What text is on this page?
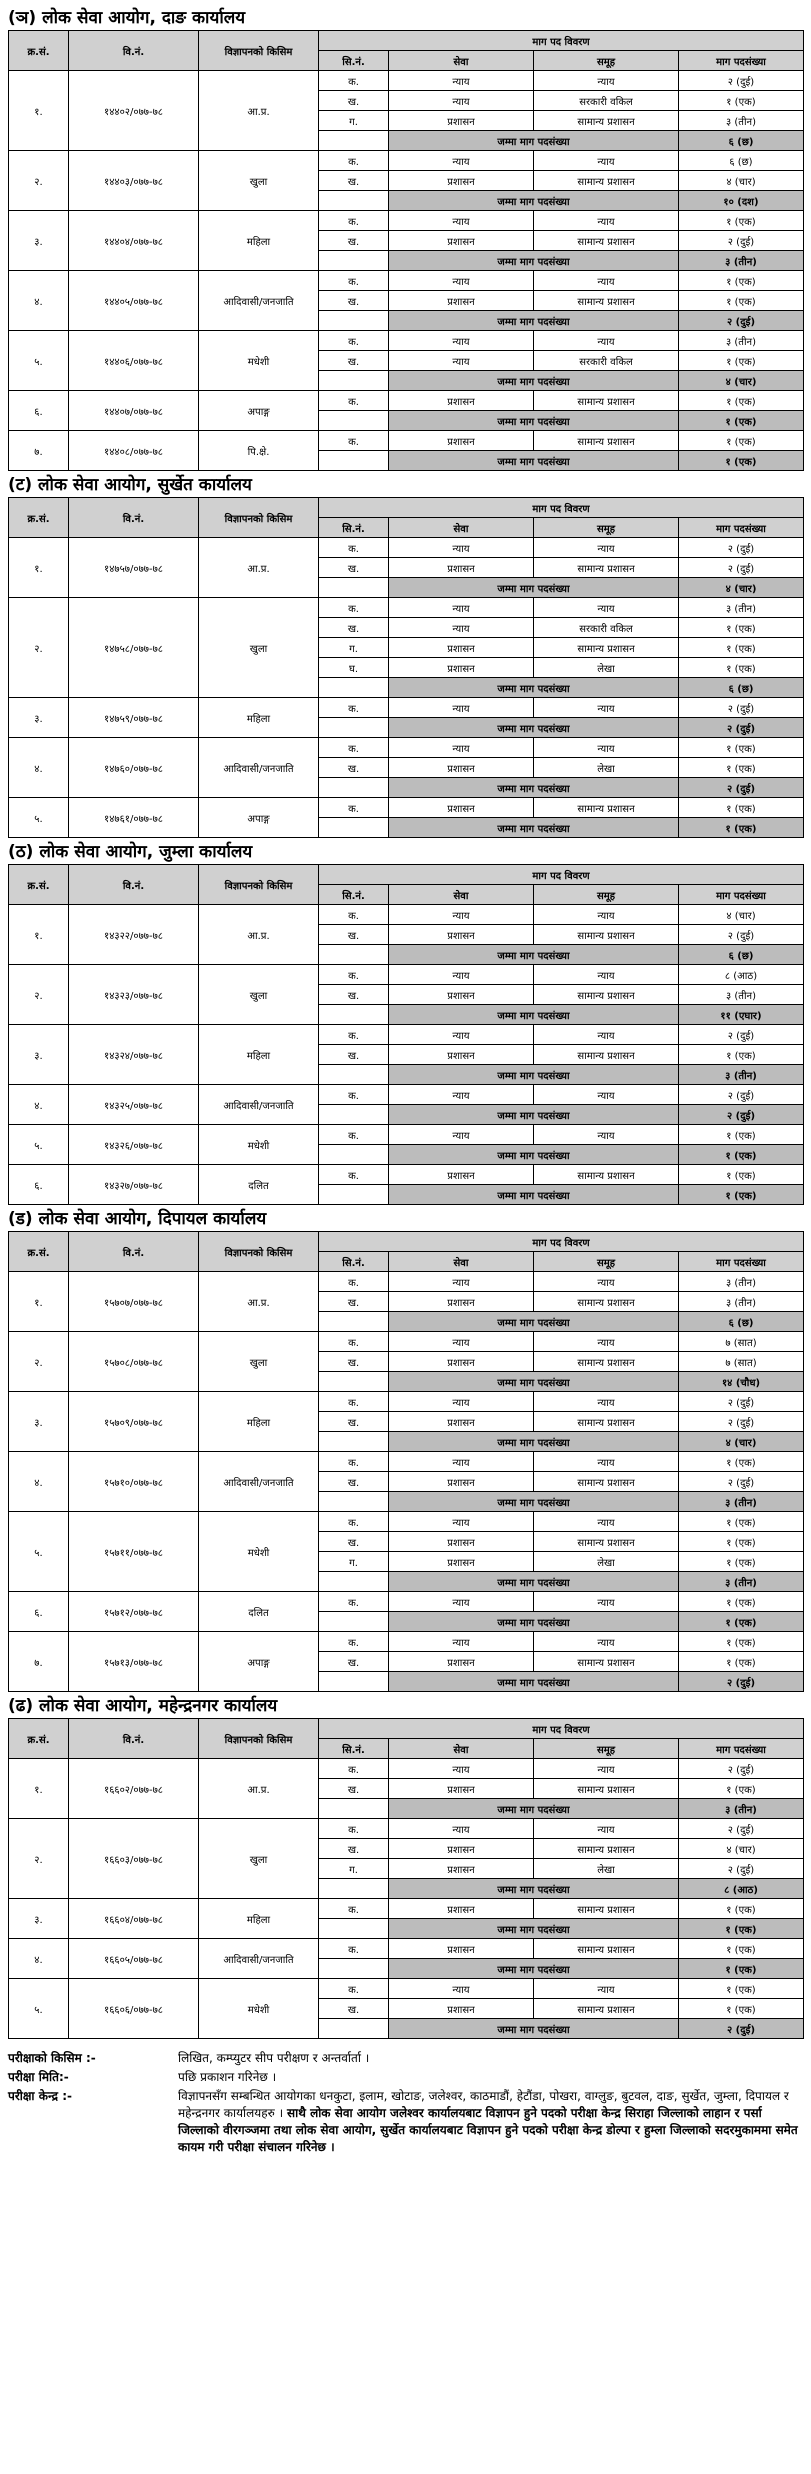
(ञ) लोक सेवा आयोग, दाङ कार्यालय
क्र.सं.	वि.नं.	विज्ञापनको किसिम	माग पद विवरण			
			सि.नं.	सेवा	समूह	माग पदसंख्या
१.	१४४०२/०७७-७८	आ.प्र.	क.	न्याय	न्याय	२ (दुई)
			ख.	न्याय	सरकारी वकिल	१ (एक)
			ग.	प्रशासन	सामान्य प्रशासन	३ (तीन)
				जम्मा माग पदसंख्या		६ (छ)
२.	१४४०३/०७७-७८	खुला	क.	न्याय	न्याय	६ (छ)
			ख.	प्रशासन	सामान्य प्रशासन	४ (चार)
				जम्मा माग पदसंख्या		१० (दश)
३.	१४४०४/०७७-७८	महिला	क.	न्याय	न्याय	१ (एक)
			ख.	प्रशासन	सामान्य प्रशासन	२ (दुई)
				जम्मा माग पदसंख्या		३ (तीन)
४.	१४४०५/०७७-७८	आदिवासी/जनजाति	क.	न्याय	न्याय	१ (एक)
			ख.	प्रशासन	सामान्य प्रशासन	१ (एक)
				जम्मा माग पदसंख्या		२ (दुई)
५.	१४४०६/०७७-७८	मधेशी	क.	न्याय	न्याय	३ (तीन)
			ख.	न्याय	सरकारी वकिल	१ (एक)
				जम्मा माग पदसंख्या		४ (चार)
६.	१४४०७/०७७-७८	अपाङ्ग	क.	प्रशासन	सामान्य प्रशासन	१ (एक)
				जम्मा माग पदसंख्या		१ (एक)
७.	१४४०८/०७७-७८	पि.क्षे.	क.	प्रशासन	सामान्य प्रशासन	१ (एक)
				जम्मा माग पदसंख्या		१ (एक)
(ट) लोक सेवा आयोग, सुर्खेत कार्यालय
क्र.सं.	वि.नं.	विज्ञापनको किसिम	माग पद विवरण			
			सि.नं.	सेवा	समूह	माग पदसंख्या
१.	१४७५७/०७७-७८	आ.प्र.	क.	न्याय	न्याय	२ (दुई)
			ख.	प्रशासन	सामान्य प्रशासन	२ (दुई)
				जम्मा माग पदसंख्या		४ (चार)
२.	१४७५८/०७७-७८	खुला	क.	न्याय	न्याय	३ (तीन)
			ख.	न्याय	सरकारी वकिल	१ (एक)
			ग.	प्रशासन	सामान्य प्रशासन	१ (एक)
			घ.	प्रशासन	लेखा	१ (एक)
				जम्मा माग पदसंख्या		६ (छ)
३.	१४७५९/०७७-७८	महिला	क.	न्याय	न्याय	२ (दुई)
				जम्मा माग पदसंख्या		२ (दुई)
४.	१४७६०/०७७-७८	आदिवासी/जनजाति	क.	न्याय	न्याय	१ (एक)
			ख.	प्रशासन	लेखा	१ (एक)
				जम्मा माग पदसंख्या		२ (दुई)
५.	१४७६१/०७७-७८	अपाङ्ग	क.	प्रशासन	सामान्य प्रशासन	१ (एक)
				जम्मा माग पदसंख्या		१ (एक)
(ठ) लोक सेवा आयोग, जुम्ला कार्यालय
क्र.सं.	वि.नं.	विज्ञापनको किसिम	माग पद विवरण			
			सि.नं.	सेवा	समूह	माग पदसंख्या
१.	१४३२२/०७७-७८	आ.प्र.	क.	न्याय	न्याय	४ (चार)
			ख.	प्रशासन	सामान्य प्रशासन	२ (दुई)
				जम्मा माग पदसंख्या		६ (छ)
२.	१४३२३/०७७-७८	खुला	क.	न्याय	न्याय	८ (आठ)
			ख.	प्रशासन	सामान्य प्रशासन	३ (तीन)
				जम्मा माग पदसंख्या		११ (एघार)
३.	१४३२४/०७७-७८	महिला	क.	न्याय	न्याय	२ (दुई)
			ख.	प्रशासन	सामान्य प्रशासन	१ (एक)
				जम्मा माग पदसंख्या		३ (तीन)
४.	१४३२५/०७७-७८	आदिवासी/जनजाति	क.	न्याय	न्याय	२ (दुई)
				जम्मा माग पदसंख्या		२ (दुई)
५.	१४३२६/०७७-७८	मधेशी	क.	न्याय	न्याय	१ (एक)
				जम्मा माग पदसंख्या		१ (एक)
६.	१४३२७/०७७-७८	दलित	क.	प्रशासन	सामान्य प्रशासन	१ (एक)
				जम्मा माग पदसंख्या		१ (एक)
(ड) लोक सेवा आयोग, दिपायल कार्यालय
क्र.सं.	वि.नं.	विज्ञापनको किसिम	माग पद विवरण			
			सि.नं.	सेवा	समूह	माग पदसंख्या
१.	१५७०७/०७७-७८	आ.प्र.	क.	न्याय	न्याय	३ (तीन)
			ख.	प्रशासन	सामान्य प्रशासन	३ (तीन)
				जम्मा माग पदसंख्या		६ (छ)
२.	१५७०८/०७७-७८	खुला	क.	न्याय	न्याय	७ (सात)
			ख.	प्रशासन	सामान्य प्रशासन	७ (सात)
				जम्मा माग पदसंख्या		१४ (चौध)
३.	१५७०९/०७७-७८	महिला	क.	न्याय	न्याय	२ (दुई)
			ख.	प्रशासन	सामान्य प्रशासन	२ (दुई)
				जम्मा माग पदसंख्या		४ (चार)
४.	१५७१०/०७७-७८	आदिवासी/जनजाति	क.	न्याय	न्याय	१ (एक)
			ख.	प्रशासन	सामान्य प्रशासन	२ (दुई)
				जम्मा माग पदसंख्या		३ (तीन)
५.	१५७११/०७७-७८	मधेशी	क.	न्याय	न्याय	१ (एक)
			ख.	प्रशासन	सामान्य प्रशासन	१ (एक)
			ग.	प्रशासन	लेखा	१ (एक)
				जम्मा माग पदसंख्या		३ (तीन)
६.	१५७१२/०७७-७८	दलित	क.	न्याय	न्याय	१ (एक)
				जम्मा माग पदसंख्या		१ (एक)
७.	१५७१३/०७७-७८	अपाङ्ग	क.	न्याय	न्याय	१ (एक)
			ख.	प्रशासन	सामान्य प्रशासन	१ (एक)
				जम्मा माग पदसंख्या		२ (दुई)
(ढ) लोक सेवा आयोग, महेन्द्रनगर कार्यालय
क्र.सं.	वि.नं.	विज्ञापनको किसिम	माग पद विवरण			
			सि.नं.	सेवा	समूह	माग पदसंख्या
१.	१६६०२/०७७-७८	आ.प्र.	क.	न्याय	न्याय	२ (दुई)
			ख.	प्रशासन	सामान्य प्रशासन	१ (एक)
				जम्मा माग पदसंख्या		३ (तीन)
२.	१६६०३/०७७-७८	खुला	क.	न्याय	न्याय	२ (दुई)
			ख.	प्रशासन	सामान्य प्रशासन	४ (चार)
			ग.	प्रशासन	लेखा	२ (दुई)
				जम्मा माग पदसंख्या		८ (आठ)
३.	१६६०४/०७७-७८	महिला	क.	प्रशासन	सामान्य प्रशासन	१ (एक)
				जम्मा माग पदसंख्या		१ (एक)
४.	१६६०५/०७७-७८	आदिवासी/जनजाति	क.	प्रशासन	सामान्य प्रशासन	१ (एक)
				जम्मा माग पदसंख्या		१ (एक)
५.	१६६०६/०७७-७८	मधेशी	क.	न्याय	न्याय	१ (एक)
			ख.	प्रशासन	सामान्य प्रशासन	१ (एक)
				जम्मा माग पदसंख्या		२ (दुई)
परीक्षाको किसिम :-	लिखित, कम्प्युटर सीप परीक्षण र अन्तर्वार्ता ।
परीक्षा मिति:-	पछि प्रकाशन गरिनेछ ।
परीक्षा केन्द्र :-	विज्ञापनसँग सम्बन्धित आयोगका धनकुटा, इलाम, खोटाङ, जलेश्वर, काठमाडौं, हेटौंडा, पोखरा, वाग्लुङ, बुटवल, दाङ, सुर्खेत, जुम्ला, दिपायल र महेन्द्रनगर कार्यालयहरु । साथै लोक सेवा आयोग जलेश्वर कार्यालयबाट विज्ञापन हुने पदको परीक्षा केन्द्र सिराहा जिल्लाको लाहान र पर्सा जिल्लाको वीरगञ्जमा तथा लोक सेवा आयोग, सुर्खेत कार्यालयबाट विज्ञापन हुने पदको परीक्षा केन्द्र डोल्पा र हुम्ला जिल्लाको सदरमुकाममा समेत कायम गरी परीक्षा संचालन गरिनेछ ।
